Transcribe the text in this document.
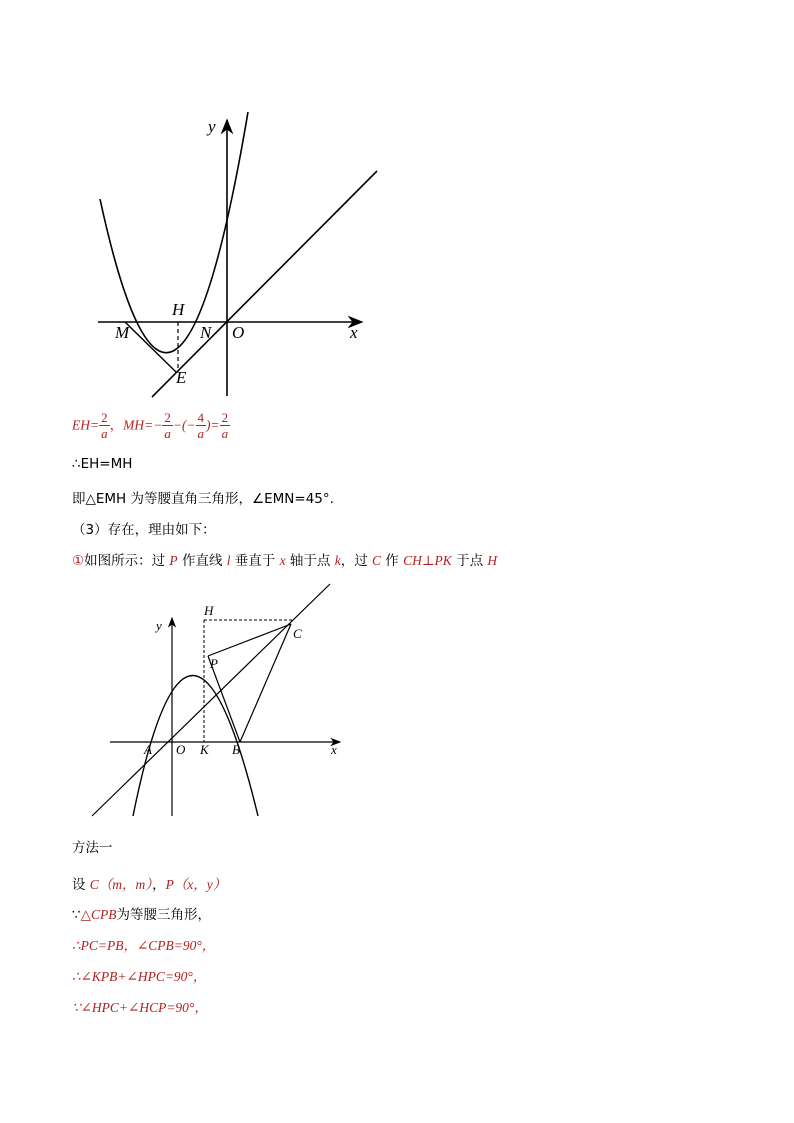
y
x
H
M	N O
E
$EH= \frac{2}{a}$ ，$MH=- \frac{2}{a}$ −(− $\frac{4}{a}$ )= $\frac{2}{a}$
∴EH=MH
即△EMH 为等腰直角三角形，∠EMN=45°.
（3）存在，理由如下：
①如图所示：过 P 作直线 l 垂直于 x 轴于点 k，过 C 作 CH⊥PK 于点 H
y
x
H
C
P
A O K B
方法一
设 C（m，m），P（x，y）
∵△CPB为等腰三角形，
∴PC=PB，∠CPB=90°，
∴∠KPB+∠HPC=90°，
∵∠HPC+∠HCP=90°，
